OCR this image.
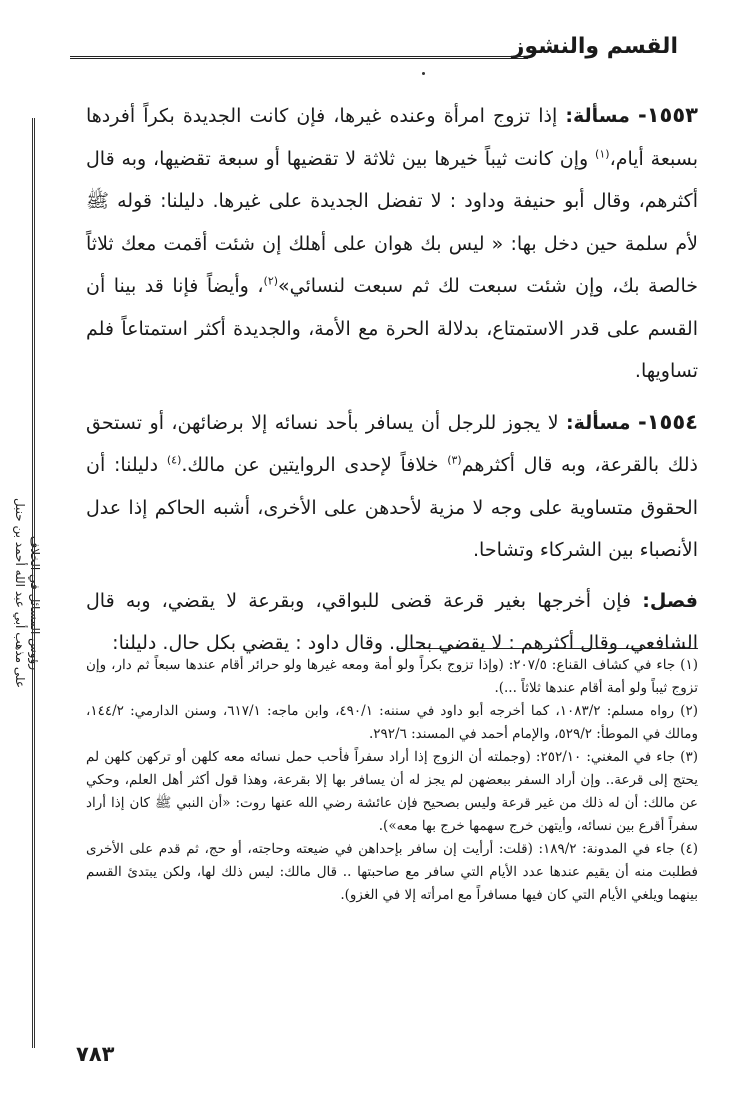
القسم والنشوز
رؤوس المسائل في الخلاف
على مذهب أبي عبد الله أحمد بن حنبل

١٥٥٣- مسألة: إذا تزوج امرأة وعنده غيرها، فإن كانت الجديدة بكراً أفردها بسبعة أيام،$^{(١)}$ وإن كانت ثيباً خيرها بين ثلاثة لا تقضيها أو سبعة تقضيها، وبه قال أكثرهم، وقال أبو حنيفة وداود : لا تفضل الجديدة على غيرها. دليلنا: قوله ﷺ لأم سلمة حين دخل بها: « ليس بك هوان على أهلك إن شئت أقمت معك ثلاثاً خالصة بك، وإن شئت سبعت لك ثم سبعت لنسائي»$^{(٢)}$، وأيضاً فإنا قد بينا أن القسم على قدر الاستمتاع، بدلالة الحرة مع الأمة، والجديدة أكثر استمتاعاً فلم تساويها.

١٥٥٤- مسألة: لا يجوز للرجل أن يسافر بأحد نسائه إلا برضائهن، أو تستحق ذلك بالقرعة، وبه قال أكثرهم$^{(٣)}$ خلافاً لإحدى الروايتين عن مالك.$^{(٤)}$ دليلنا: أن الحقوق متساوية على وجه لا مزية لأحدهن على الأخرى، أشبه الحاكم إذا عدل الأنصباء بين الشركاء وتشاحا.

فصل: فإن أخرجها بغير قرعة قضى للبواقي، وبقرعة لا يقضي، وبه قال الشافعي، وقال أكثرهم : لا يقضي بحال. وقال داود : يقضي بكل حال. دليلنا:

(١) جاء في كشاف القناع: ٢٠٧/٥: (وإذا تزوج بكراً ولو أمة ومعه غيرها ولو حرائر أقام عندها سبعاً ثم دار، وإن تزوج ثيباً ولو أمة أقام عندها ثلاثاً ...).

(٢) رواه مسلم: ١٠٨٣/٢، كما أخرجه أبو داود في سننه: ٤٩٠/١، وابن ماجه: ٦١٧/١، وسنن الدارمي: ١٤٤/٢، ومالك في الموطأ: ٥٢٩/٢، والإمام أحمد في المسند: ٢٩٢/٦.

(٣) جاء في المغني: ٢٥٢/١٠: (وجملته أن الزوج إذا أراد سفراً فأحب حمل نسائه معه كلهن أو تركهن كلهن لم يحتج إلى قرعة.. وإن أراد السفر ببعضهن لم يجز له أن يسافر بها إلا بقرعة، وهذا قول أكثر أهل العلم، وحكي عن مالك: أن له ذلك من غير قرعة وليس بصحيح فإن عائشة رضي الله عنها روت: «أن النبي ﷺ كان إذا أراد سفراً أقرع بين نسائه، وأيتهن خرج سهمها خرج بها معه»).

(٤) جاء في المدونة: ١٨٩/٢: (قلت: أرأيت إن سافر بإحداهن في ضيعته وحاجته، أو حج، ثم قدم على الأخرى فطلبت منه أن يقيم عندها عدد الأيام التي سافر مع صاحبتها .. قال مالك: ليس ذلك لها، ولكن يبتدئ القسم بينهما ويلغي الأيام التي كان فيها مسافراً مع امرأته إلا في الغزو).

٧٨٣
